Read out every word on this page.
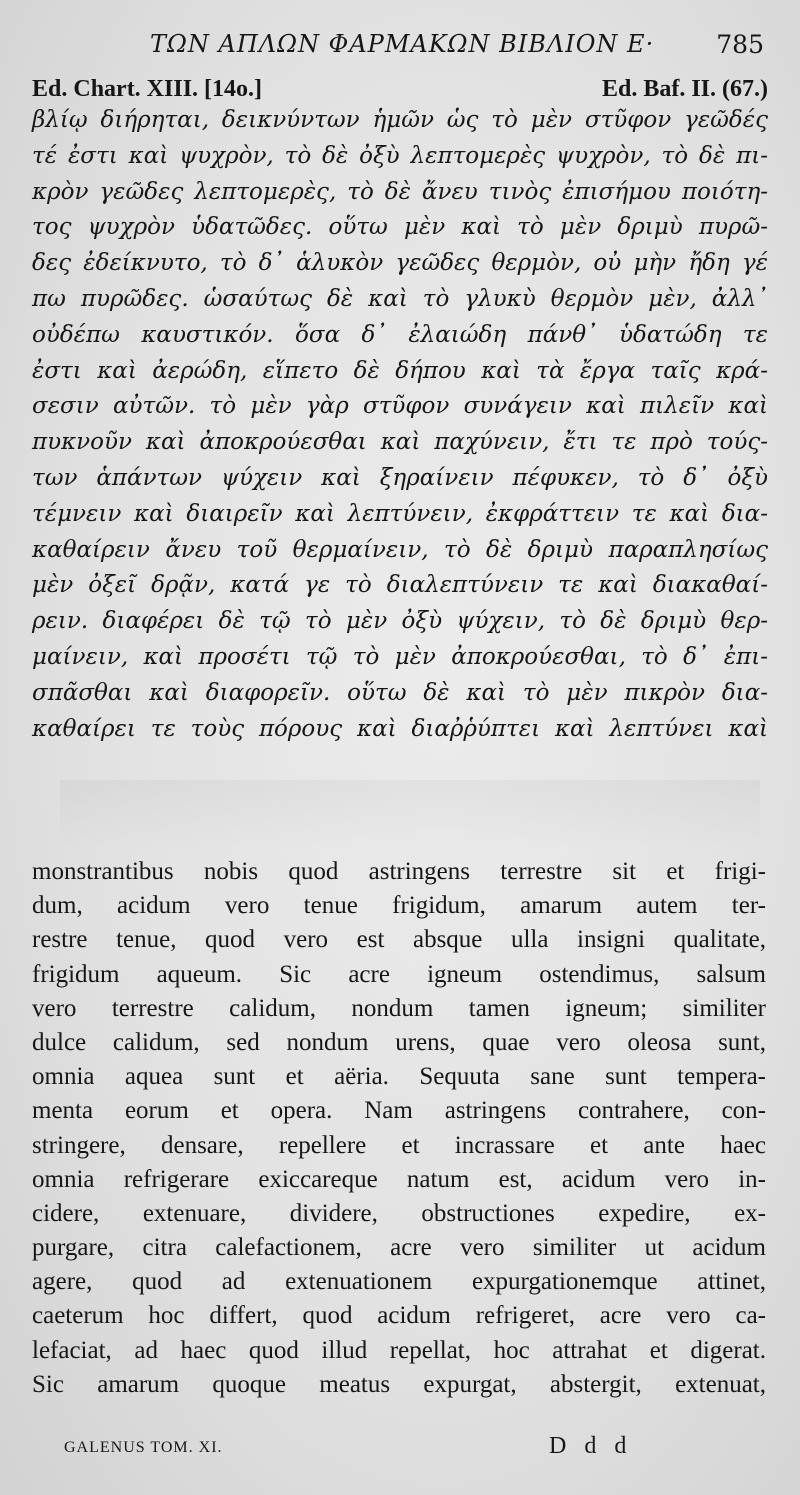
ΤΩΝ ΑΠΛΩΝ ΦΑΡΜΑΚΩΝ ΒΙΒΛΙΟΝ Ε· 785
Ed. Chart. XIII. [14o.]	Ed. Baf. II. (67.)
βλίῳ διήρηται, δεικνύντων ἡμῶν ὡς τὸ μὲν στῦφον γεῶδές
τέ ἐστι καὶ ψυχρὸν, τὸ δὲ ὀξὺ λεπτομερὲς ψυχρὸν, τὸ δὲ πι-
κρὸν γεῶδες λεπτομερὲς, τὸ δὲ ἄνευ τινὸς ἐπισήμου ποιότη-
τος ψυχρὸν ὑδατῶδες. οὕτω μὲν καὶ τὸ μὲν δριμὺ πυρῶ-
δες ἐδείκνυτο, τὸ δ᾽ ἁλυκὸν γεῶδες θερμὸν, οὐ μὴν ἤδη γέ
πω πυρῶδες. ὡσαύτως δὲ καὶ τὸ γλυκὺ θερμὸν μὲν, ἀλλ᾽
οὐδέπω καυστικόν. ὅσα δ᾽ ἐλαιώδη πάνθ᾽ ὑδατώδη τε
ἐστι καὶ ἀερώδη, εἵπετο δὲ δήπου καὶ τὰ ἔργα ταῖς κρά-
σεσιν αὐτῶν. τὸ μὲν γὰρ στῦφον συνάγειν καὶ πιλεῖν καὶ
πυκνοῦν καὶ ἀποκρούεσθαι καὶ παχύνειν, ἔτι τε πρὸ τούς-
των ἁπάντων ψύχειν καὶ ξηραίνειν πέφυκεν, τὸ δ᾽ ὀξὺ
τέμνειν καὶ διαιρεῖν καὶ λεπτύνειν, ἐκφράττειν τε καὶ δια-
καθαίρειν ἄνευ τοῦ θερμαίνειν, τὸ δὲ δριμὺ παραπλησίως
μὲν ὀξεῖ δρᾷν, κατά γε τὸ διαλεπτύνειν τε καὶ διακαθαί-
ρειν. διαφέρει δὲ τῷ τὸ μὲν ὀξὺ ψύχειν, τὸ δὲ δριμὺ θερ-
μαίνειν, καὶ προσέτι τῷ τὸ μὲν ἀποκρούεσθαι, τὸ δ᾽ ἐπι-
σπᾶσθαι καὶ διαφορεῖν. οὕτω δὲ καὶ τὸ μὲν πικρὸν δια-
καθαίρει τε τοὺς πόρους καὶ διαῤῥύπτει καὶ λεπτύνει καὶ
monstrantibus nobis quod astringens terrestre sit et frigi-
dum, acidum vero tenue frigidum, amarum autem ter-
restre tenue, quod vero est absque ulla insigni qualitate,
frigidum aqueum. Sic acre igneum ostendimus, salsum
vero terrestre calidum, nondum tamen igneum; similiter
dulce calidum, sed nondum urens, quae vero oleosa sunt,
omnia aquea sunt et aëria. Sequuta sane sunt tempera-
menta eorum et opera. Nam astringens contrahere, con-
stringere, densare, repellere et incrassare et ante haec
omnia refrigerare exiccareque natum est, acidum vero in-
cidere, extenuare, dividere, obstructiones expedire, ex-
purgare, citra calefactionem, acre vero similiter ut acidum
agere, quod ad extenuationem expurgationemque attinet,
caeterum hoc differt, quod acidum refrigeret, acre vero ca-
lefaciat, ad haec quod illud repellat, hoc attrahat et digerat.
Sic amarum quoque meatus expurgat, abstergit, extenuat,
GALENUS TOM. XI.	D d d
